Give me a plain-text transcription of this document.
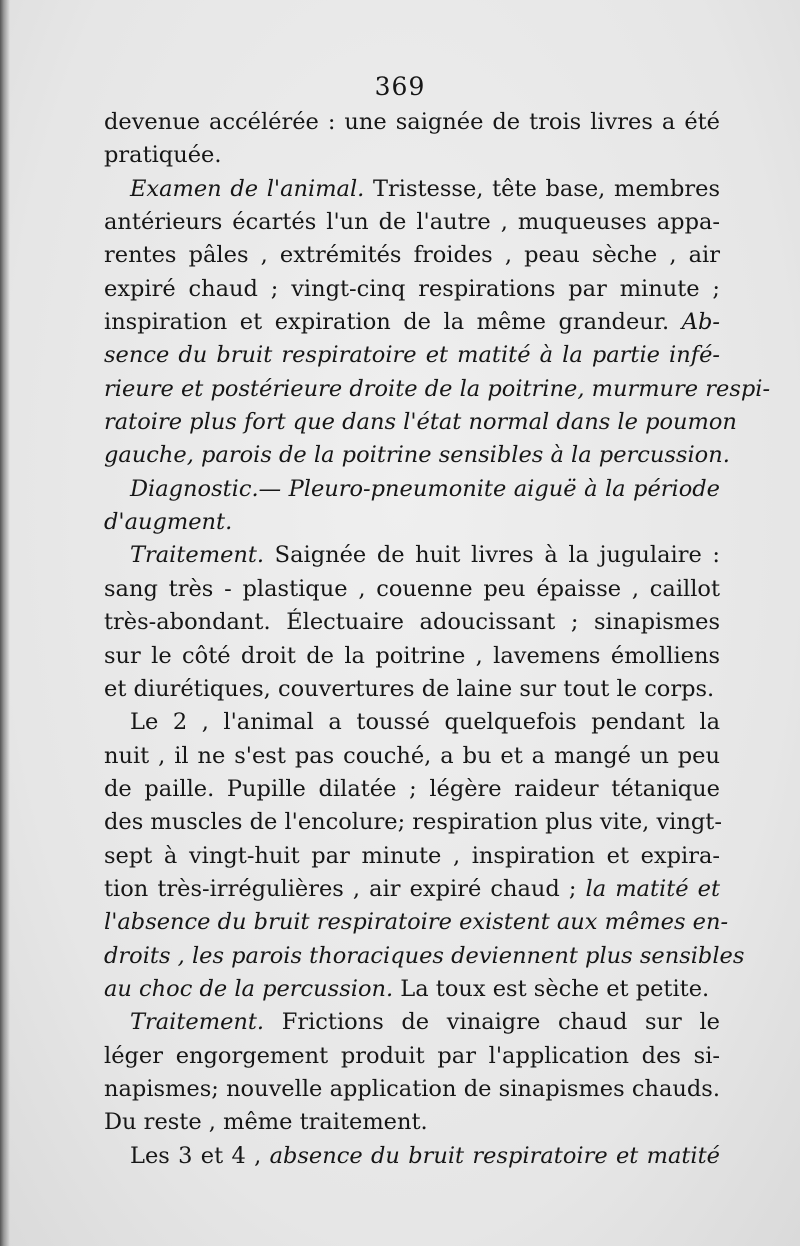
369
devenue accélérée : une saignée de trois livres a été
pratiquée.
Examen de l'animal. Tristesse, tête base, membres
antérieurs écartés l'un de l'autre , muqueuses appa-
rentes pâles , extrémités froides , peau sèche , air
expiré chaud ; vingt-cinq respirations par minute ;
inspiration et expiration de la même grandeur. Ab-
sence du bruit respiratoire et matité à la partie infé-
rieure et postérieure droite de la poitrine, murmure respi-
ratoire plus fort que dans l'état normal dans le poumon
gauche, parois de la poitrine sensibles à la percussion.
Diagnostic.— Pleuro-pneumonite aiguë à la période
d'augment.
Traitement. Saignée de huit livres à la jugulaire :
sang très - plastique , couenne peu épaisse , caillot
très-abondant. Électuaire adoucissant ; sinapismes
sur le côté droit de la poitrine , lavemens émolliens
et diurétiques, couvertures de laine sur tout le corps.
Le 2 , l'animal a toussé quelquefois pendant la
nuit , il ne s'est pas couché, a bu et a mangé un peu
de paille. Pupille dilatée ; légère raideur tétanique
des muscles de l'encolure; respiration plus vite, vingt-
sept à vingt-huit par minute , inspiration et expira-
tion très-irrégulières , air expiré chaud ; la matité et
l'absence du bruit respiratoire existent aux mêmes en-
droits , les parois thoraciques deviennent plus sensibles
au choc de la percussion. La toux est sèche et petite.
Traitement. Frictions de vinaigre chaud sur le
léger engorgement produit par l'application des si-
napismes; nouvelle application de sinapismes chauds.
Du reste , même traitement.
Les 3 et 4 , absence du bruit respiratoire et matité
